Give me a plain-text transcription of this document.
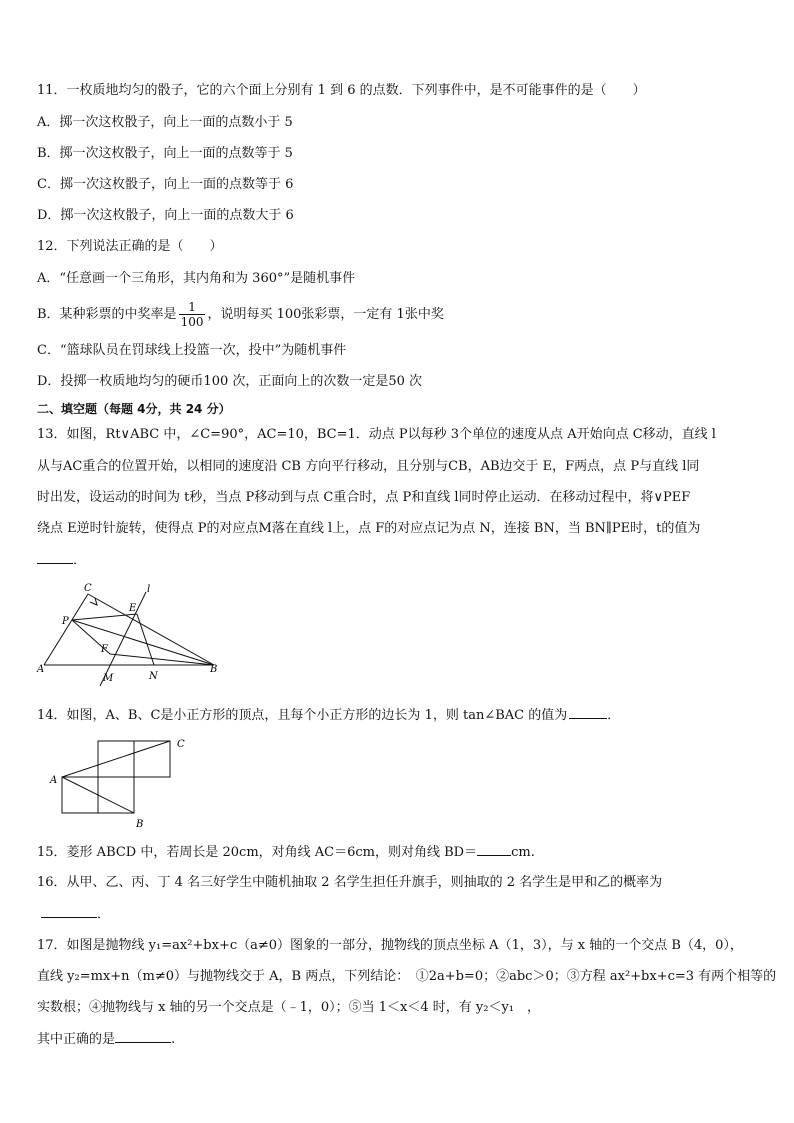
11．一枚质地均匀的骰子，它的六个面上分别有 1 到 6 的点数．下列事件中，是不可能事件的是（　　）
A．掷一次这枚骰子，向上一面的点数小于 5
B．掷一次这枚骰子，向上一面的点数等于 5
C．掷一次这枚骰子，向上一面的点数等于 6
D．掷一次这枚骰子，向上一面的点数大于 6
12．下列说法正确的是（　　）
A．“任意画一个三角形，其内角和为 360°”是随机事件
B．某种彩票的中奖率是 $\frac{1}{100}$ ，说明每买 100张彩票，一定有 1张中奖
C．“篮球队员在罚球线上投篮一次，投中”为随机事件
D．投掷一枚质地均匀的硬币100 次，正面向上的次数一定是50 次
二、填空题（每题 4分，共 24 分）
13．如图，Rt∨ABC 中，∠C=90°，AC=10，BC=1．动点 P以每秒 3个单位的速度从点 A开始向点 C移动，直线 l
从与AC重合的位置开始，以相同的速度沿 CB 方向平行移动，且分别与CB，AB边交于 E，F两点，点 P与直线 l同
时出发，设运动的时间为 t秒，当点 P移动到与点 C重合时，点 P和直线 l同时停止运动．在移动过程中，将∨PEF
绕点 E逆时针旋转，使得点 P的对应点M落在直线 l上，点 F的对应点记为点 N，连接 BN，当 BN∥PE时，t的值为
．
C
E
l
P
F
A	B
M	N
14．如图，A、B、C是小正方形的顶点，且每个小正方形的边长为 1，则 tan∠BAC 的值为	．
A
B
C
15．菱形 ABCD 中，若周长是 20cm，对角线 AC＝6cm，则对角线 BD＝	cm.
16．从甲、乙、丙、丁 4 名三好学生中随机抽取 2 名学生担任升旗手，则抽取的 2 名学生是甲和乙的概率为
．
17．如图是抛物线 y₁=ax²+bx+c（a≠0）图象的一部分，抛物线的顶点坐标 A（1，3），与 x 轴的一个交点 B（4，0），
直线 y₂=mx+n（m≠0）与抛物线交于 A，B 两点，下列结论：　①2a+b=0；②abc＞0；③方程 ax²+bx+c=3 有两个相等的
实数根；④抛物线与 x 轴的另一个交点是（﹣1，0）；⑤当 1＜x＜4 时，有 y₂＜y₁　，
其中正确的是	.
